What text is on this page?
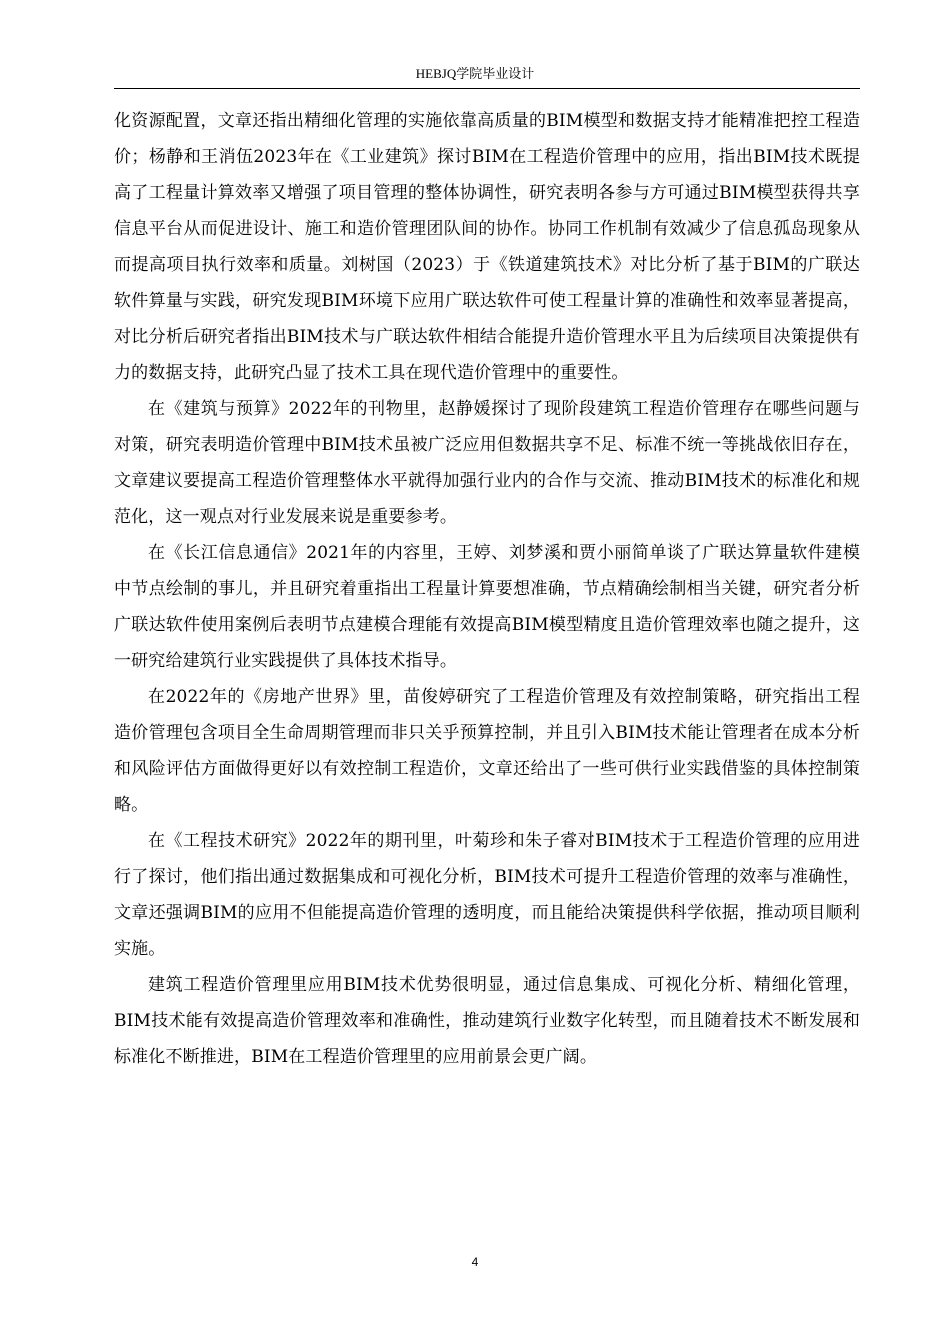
HEBJQ学院毕业设计

化资源配置，文章还指出精细化管理的实施依靠高质量的BIM模型和数据支持才能精准把控工程造价；杨静和王消伍2023年在《工业建筑》探讨BIM在工程造价管理中的应用，指出BIM技术既提高了工程量计算效率又增强了项目管理的整体协调性，研究表明各参与方可通过BIM模型获得共享信息平台从而促进设计、施工和造价管理团队间的协作。协同工作机制有效减少了信息孤岛现象从而提高项目执行效率和质量。刘树国（2023）于《铁道建筑技术》对比分析了基于BIM的广联达软件算量与实践，研究发现BIM环境下应用广联达软件可使工程量计算的准确性和效率显著提高，对比分析后研究者指出BIM技术与广联达软件相结合能提升造价管理水平且为后续项目决策提供有力的数据支持，此研究凸显了技术工具在现代造价管理中的重要性。

在《建筑与预算》2022年的刊物里，赵静媛探讨了现阶段建筑工程造价管理存在哪些问题与对策，研究表明造价管理中BIM技术虽被广泛应用但数据共享不足、标准不统一等挑战依旧存在，文章建议要提高工程造价管理整体水平就得加强行业内的合作与交流、推动BIM技术的标准化和规范化，这一观点对行业发展来说是重要参考。

在《长江信息通信》2021年的内容里，王婷、刘梦溪和贾小丽简单谈了广联达算量软件建模中节点绘制的事儿，并且研究着重指出工程量计算要想准确，节点精确绘制相当关键，研究者分析广联达软件使用案例后表明节点建模合理能有效提高BIM模型精度且造价管理效率也随之提升，这一研究给建筑行业实践提供了具体技术指导。

在2022年的《房地产世界》里，苗俊婷研究了工程造价管理及有效控制策略，研究指出工程造价管理包含项目全生命周期管理而非只关乎预算控制，并且引入BIM技术能让管理者在成本分析和风险评估方面做得更好以有效控制工程造价，文章还给出了一些可供行业实践借鉴的具体控制策略。

在《工程技术研究》2022年的期刊里，叶菊珍和朱子睿对BIM技术于工程造价管理的应用进行了探讨，他们指出通过数据集成和可视化分析，BIM技术可提升工程造价管理的效率与准确性，文章还强调BIM的应用不但能提高造价管理的透明度，而且能给决策提供科学依据，推动项目顺利实施。

建筑工程造价管理里应用BIM技术优势很明显，通过信息集成、可视化分析、精细化管理，BIM技术能有效提高造价管理效率和准确性，推动建筑行业数字化转型，而且随着技术不断发展和标准化不断推进，BIM在工程造价管理里的应用前景会更广阔。

4
